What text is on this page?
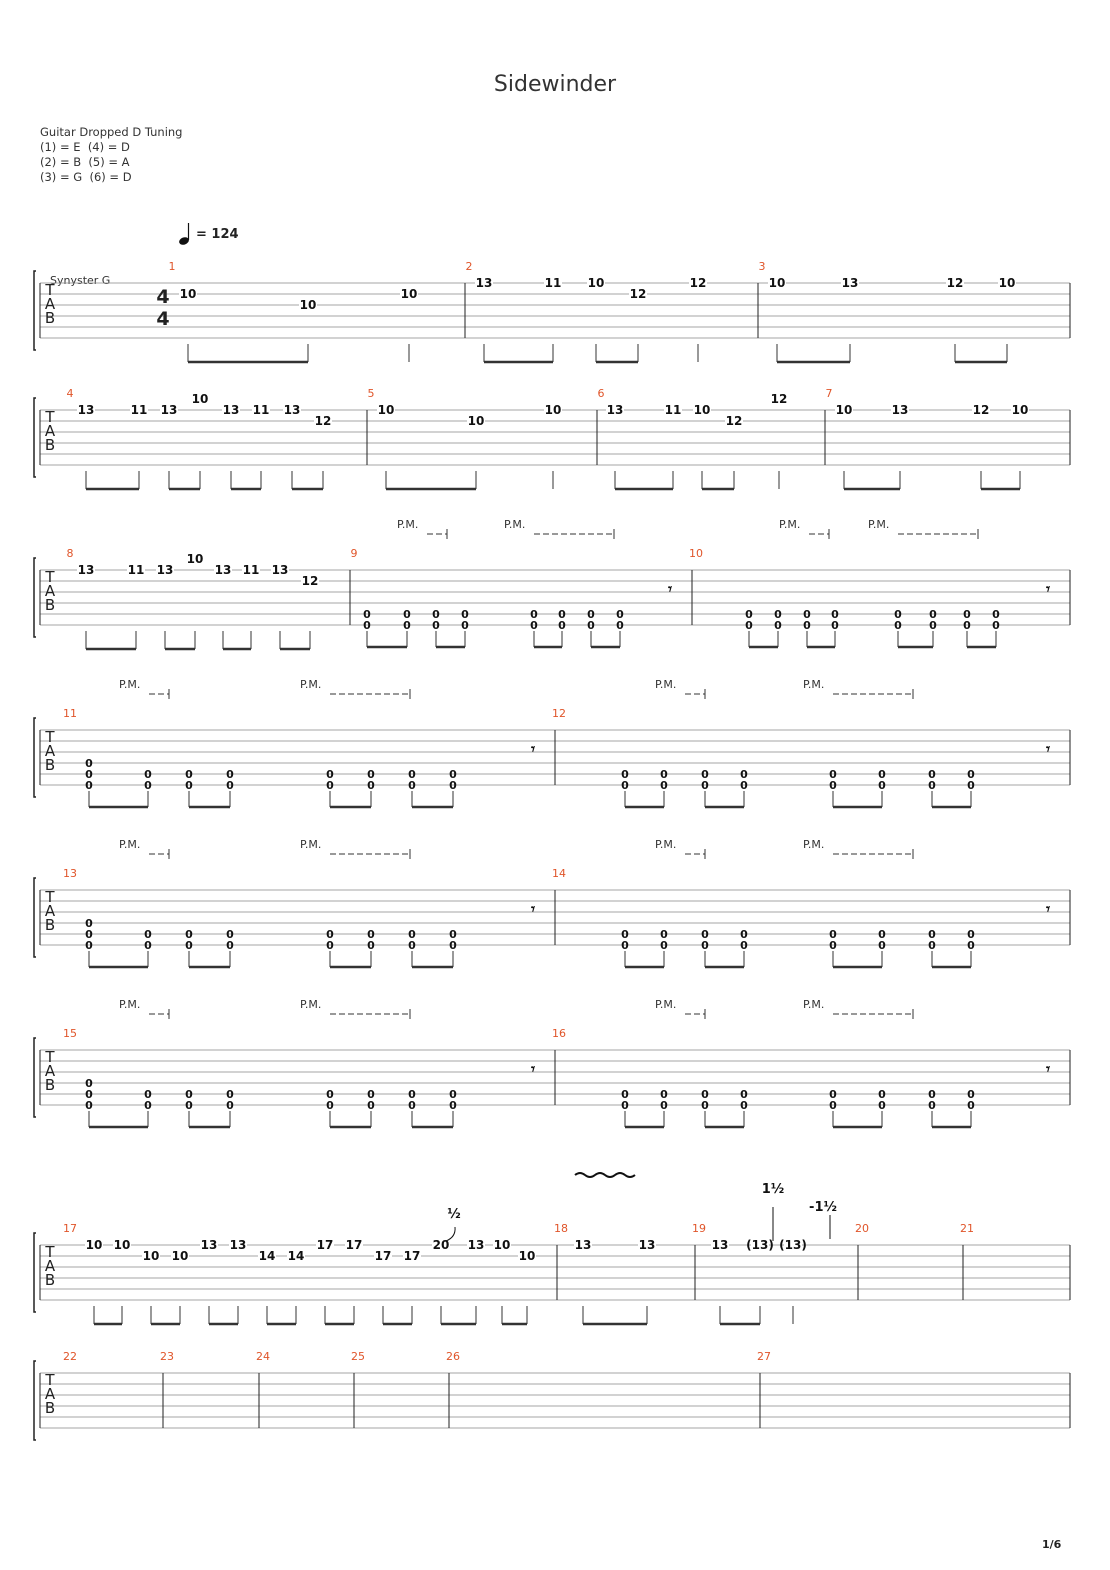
Sidewinder
Guitar Dropped D Tuning
(1) = E  (4) = D
(2) = B  (5) = A
(3) = G  (6) = D
= 124
Synyster G
1/6
T
A
B
4
4
1
10
10
10
2
13	11 10
12
12
3
10	13	12	10
T
A
B
4
13	11 13
10
13 11 13
12
5
10
10
10
6
13	11 10
12
12	7
10	13	12 10
T
A
B
8
13	11 13
10
13 11 13
12
9
0
0
0
0
0
0
0
0
0
0
0
0
0
0
0
0
P.M.	P.M.
𝄾
10
0
0
0
0
0
0
0
0
0
0
0
0
0
0
0
0
P.M.	P.M.
𝄾
T
A
B
11
0
0
0
0
0
0
0
0
0
0
0
0
0
0
0
0
0
P.M.	P.M.
𝄾
12
0
0
0
0
0
0
0
0
0
0
0
0
0
0
0
0
P.M.	P.M.
𝄾
T
A
B
13
0
0
0
0
0
0
0
0
0
0
0
0
0
0
0
0
0
P.M.	P.M.
𝄾
14
0
0
0
0
0
0
0
0
0
0
0
0
0
0
0
0
P.M.	P.M.
𝄾
T
A
B
15
0
0
0
0
0
0
0
0
0
0
0
0
0
0
0
0
0
P.M.	P.M.
𝄾
16
0
0
0
0
0
0
0
0
0
0
0
0
0
0
0
0
P.M.	P.M.
𝄾
T
A
B
17
10 10
10 10
13 13
14 14
17 17
17 17
20 13 10
10
18
13	13
19
13 (13) (13)
20	21
T
A
B
22	23	24	25	26	27
½
1½
-1½
